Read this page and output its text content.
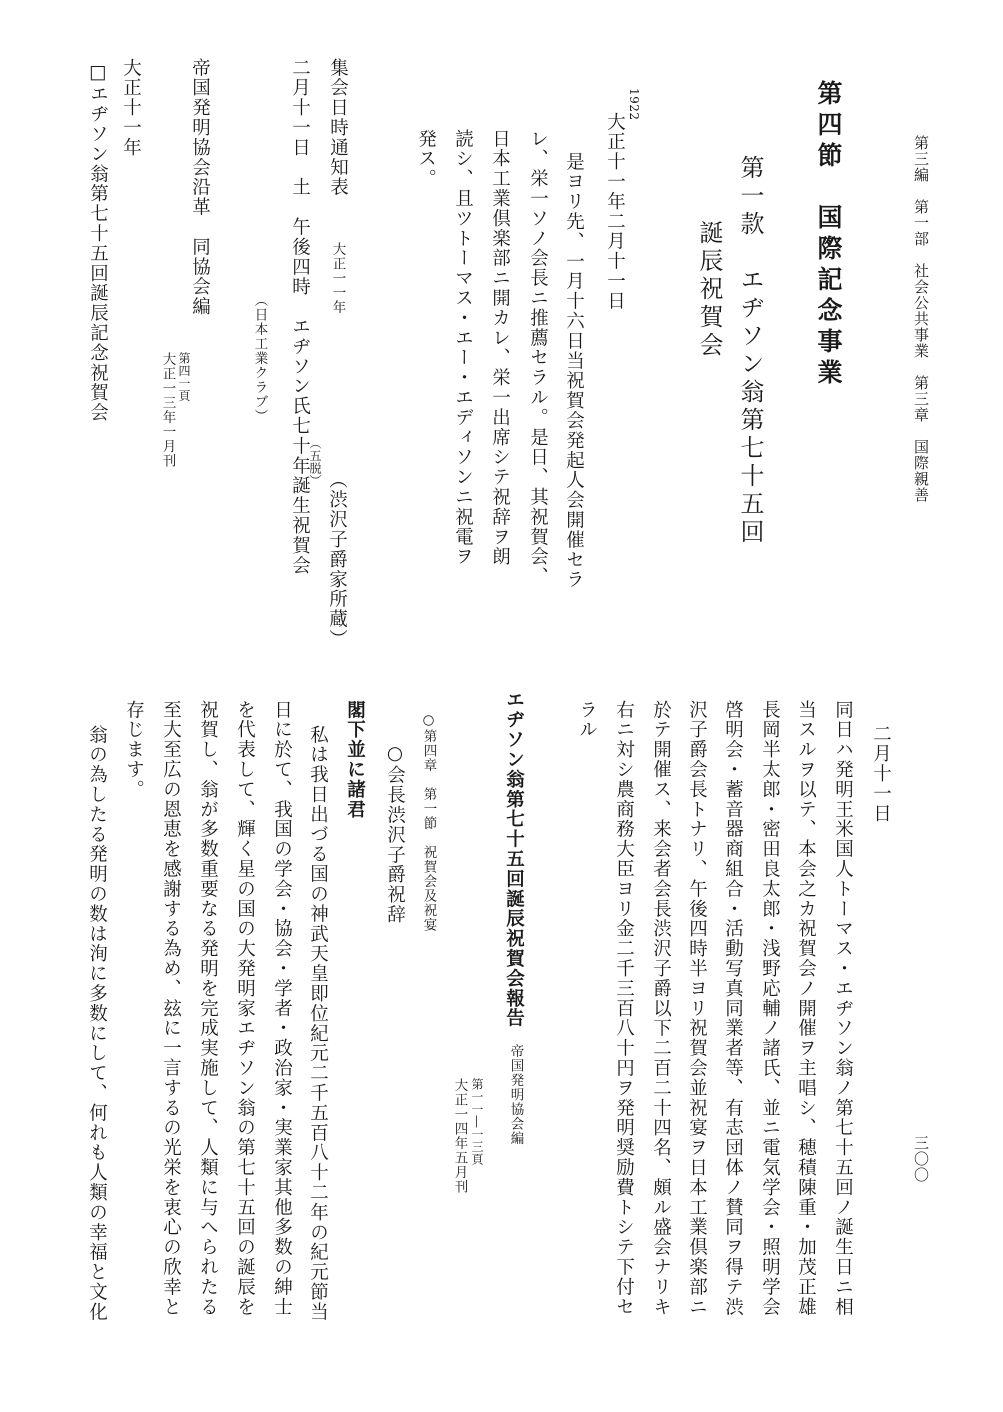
第三編　第一部　社会公共事業　第三章　国際親善
三〇〇
第四節　国際記念事業
第一款　エヂソン翁第七十五回
誕辰祝賀会
1922
大正十一年二月十一日
是ヨリ先、一月十六日当祝賀会発起人会開催セラ
レ、栄一ソノ会長ニ推薦セラル。是日、其祝賀会、
日本工業倶楽部ニ開カレ、栄一出席シテ祝辞ヲ朗
読シ、且ツトーマス・エー・エディソンニ祝電ヲ
発ス。
（渋沢子爵家所蔵）
集会日時通知表
大正一一年
二月十一日　土　午後四時　エヂソン氏七十年誕生祝賀会
（五脱）
（日本工業クラブ）
帝国発明協会沿革　同協会編
第四一頁
大正一三年一月刊
大正十一年
□エヂソン翁第七十五回誕辰記念祝賀会
二月十一日
同日ハ発明王米国人トーマス・エヂソン翁ノ第七十五回ノ誕生日ニ相
当スルヲ以テ、本会之カ祝賀会ノ開催ヲ主唱シ、穂積陳重・加茂正雄
長岡半太郎・密田良太郎・浅野応輔ノ諸氏、並ニ電気学会・照明学会
啓明会・蓄音器商組合・活動写真同業者等、有志団体ノ賛同ヲ得テ渋
沢子爵会長トナリ、午後四時半ヨリ祝賀会並祝宴ヲ日本工業倶楽部ニ
於テ開催ス、来会者会長渋沢子爵以下二百二十四名、頗ル盛会ナリキ
右ニ対シ農商務大臣ヨリ金二千三百八十円ヲ発明奨励費トシテ下付セ
ラル
エヂソン翁第七十五回誕辰祝賀会報告
帝国発明協会編
第一一―一三頁
大正一四年五月刊
○第四章　第一節　祝賀会及祝宴
○会長渋沢子爵祝辞
閣下並に諸君
私は我日出づる国の神武天皇即位紀元二千五百八十二年の紀元節当
日に於て、我国の学会・協会・学者・政治家・実業家其他多数の紳士
を代表して、輝く星の国の大発明家エヂソン翁の第七十五回の誕辰を
祝賀し、翁が多数重要なる発明を完成実施して、人類に与へられたる
至大至広の恩恵を感謝する為め、玆に一言するの光栄を衷心の欣幸と
存じます。
翁の為したる発明の数は洵に多数にして、何れも人類の幸福と文化
